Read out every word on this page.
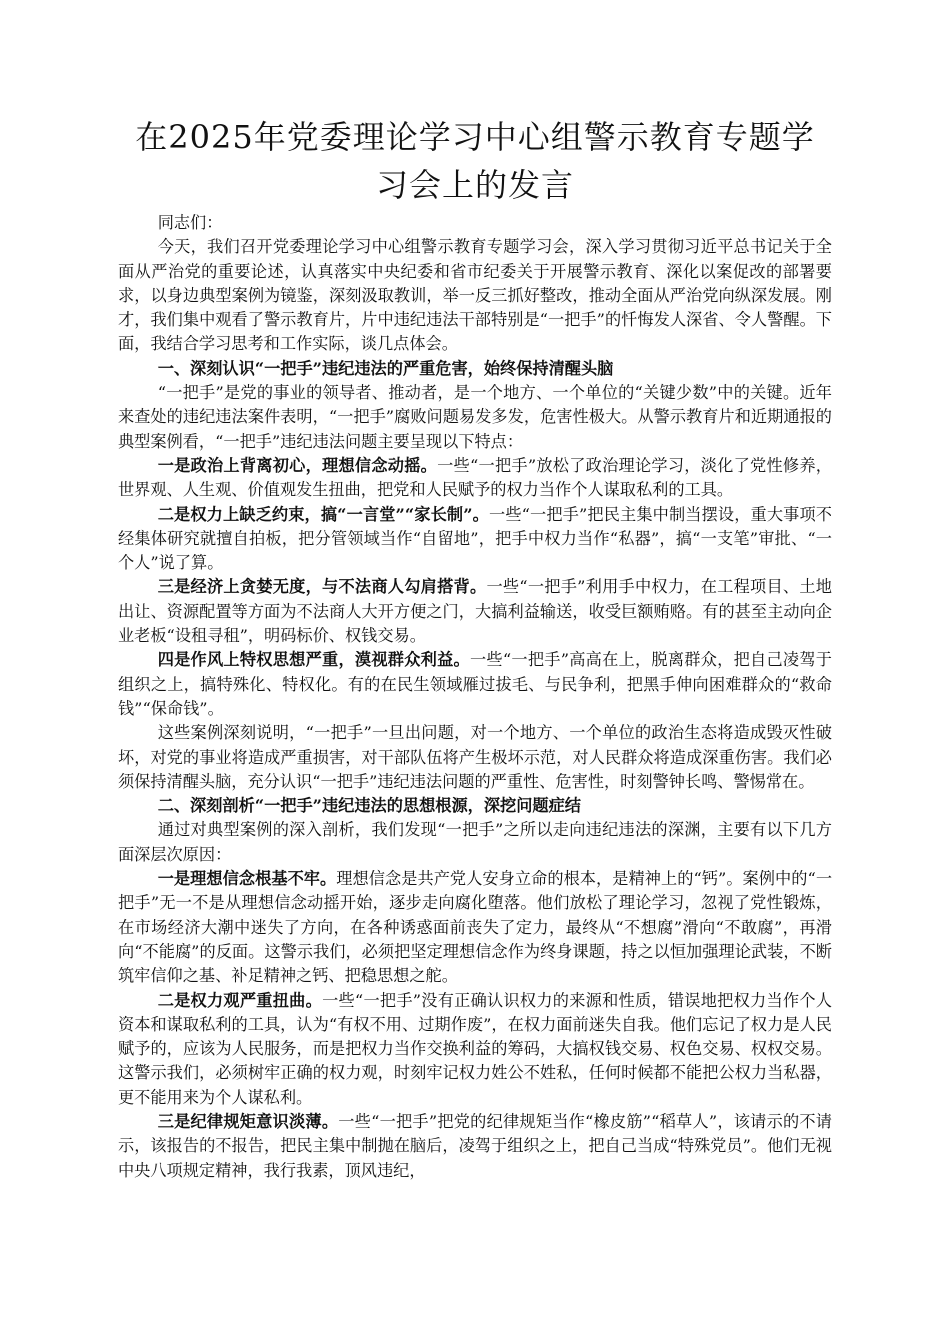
在2025年党委理论学习中心组警示教育专题学
习会上的发言

同志们：

今天，我们召开党委理论学习中心组警示教育专题学习会，深入学习贯彻习近平总书记关于全面从严治党的重要论述，认真落实中央纪委和省市纪委关于开展警示教育、深化以案促改的部署要求，以身边典型案例为镜鉴，深刻汲取教训，举一反三抓好整改，推动全面从严治党向纵深发展。刚才，我们集中观看了警示教育片，片中违纪违法干部特别是“一把手”的忏悔发人深省、令人警醒。下面，我结合学习思考和工作实际，谈几点体会。

一、深刻认识“一把手”违纪违法的严重危害，始终保持清醒头脑

“一把手”是党的事业的领导者、推动者，是一个地方、一个单位的“关键少数”中的关键。近年来查处的违纪违法案件表明，“一把手”腐败问题易发多发，危害性极大。从警示教育片和近期通报的典型案例看，“一把手”违纪违法问题主要呈现以下特点：

一是政治上背离初心，理想信念动摇。一些“一把手”放松了政治理论学习，淡化了党性修养，世界观、人生观、价值观发生扭曲，把党和人民赋予的权力当作个人谋取私利的工具。

二是权力上缺乏约束，搞“一言堂”“家长制”。一些“一把手”把民主集中制当摆设，重大事项不经集体研究就擅自拍板，把分管领域当作“自留地”，把手中权力当作“私器”，搞“一支笔”审批、“一个人”说了算。

三是经济上贪婪无度，与不法商人勾肩搭背。一些“一把手”利用手中权力，在工程项目、土地出让、资源配置等方面为不法商人大开方便之门，大搞利益输送，收受巨额贿赂。有的甚至主动向企业老板“设租寻租”，明码标价、权钱交易。

四是作风上特权思想严重，漠视群众利益。一些“一把手”高高在上，脱离群众，把自己凌驾于组织之上，搞特殊化、特权化。有的在民生领域雁过拔毛、与民争利，把黑手伸向困难群众的“救命钱”“保命钱”。

这些案例深刻说明，“一把手”一旦出问题，对一个地方、一个单位的政治生态将造成毁灭性破坏，对党的事业将造成严重损害，对干部队伍将产生极坏示范，对人民群众将造成深重伤害。我们必须保持清醒头脑，充分认识“一把手”违纪违法问题的严重性、危害性，时刻警钟长鸣、警惕常在。

二、深刻剖析“一把手”违纪违法的思想根源，深挖问题症结

通过对典型案例的深入剖析，我们发现“一把手”之所以走向违纪违法的深渊，主要有以下几方面深层次原因：

一是理想信念根基不牢。理想信念是共产党人安身立命的根本，是精神上的“钙”。案例中的“一把手”无一不是从理想信念动摇开始，逐步走向腐化堕落。他们放松了理论学习，忽视了党性锻炼，在市场经济大潮中迷失了方向，在各种诱惑面前丧失了定力，最终从“不想腐”滑向“不敢腐”，再滑向“不能腐”的反面。这警示我们，必须把坚定理想信念作为终身课题，持之以恒加强理论武装，不断筑牢信仰之基、补足精神之钙、把稳思想之舵。

二是权力观严重扭曲。一些“一把手”没有正确认识权力的来源和性质，错误地把权力当作个人资本和谋取私利的工具，认为“有权不用、过期作废”，在权力面前迷失自我。他们忘记了权力是人民赋予的，应该为人民服务，而是把权力当作交换利益的筹码，大搞权钱交易、权色交易、权权交易。这警示我们，必须树牢正确的权力观，时刻牢记权力姓公不姓私，任何时候都不能把公权力当私器，更不能用来为个人谋私利。

三是纪律规矩意识淡薄。一些“一把手”把党的纪律规矩当作“橡皮筋”“稻草人”，该请示的不请示，该报告的不报告，把民主集中制抛在脑后，凌驾于组织之上，把自己当成“特殊党员”。他们无视中央八项规定精神，我行我素，顶风违纪，
